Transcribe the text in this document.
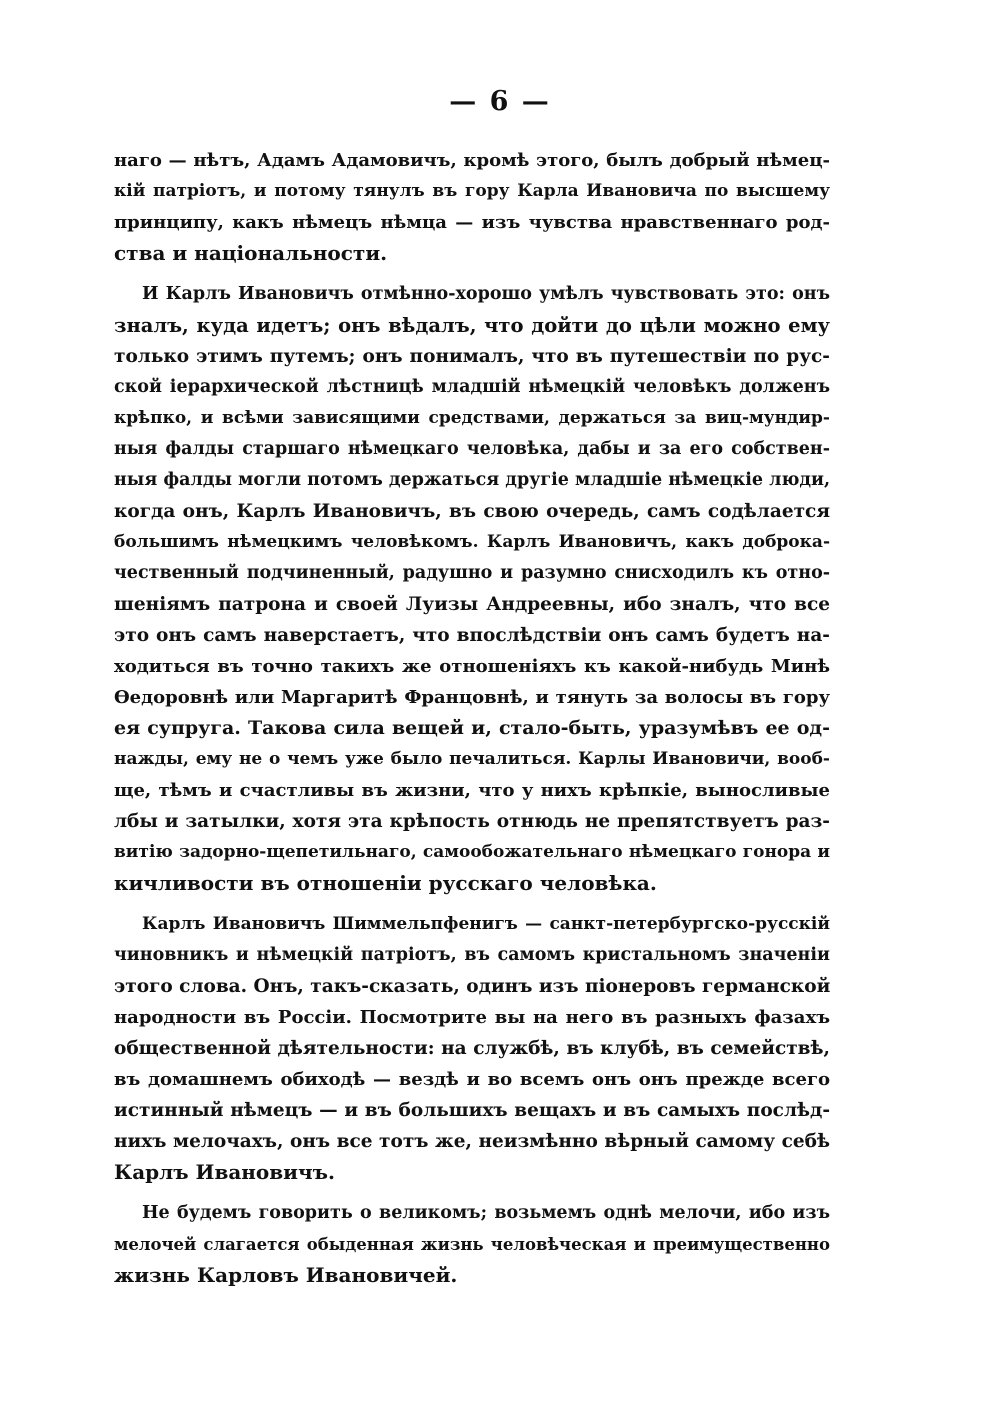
— 6 —
наго — нѣтъ, Адамъ Адамовичъ, кромѣ этого, былъ добрый нѣмец-
кій патріотъ, и потому тянулъ въ гору Карла Ивановича по высшему
принципу, какъ нѣмецъ нѣмца — изъ чувства нравственнаго род-
ства и національности.
И Карлъ Ивановичъ отмѣнно-хорошо умѣлъ чувствовать это: онъ
зналъ, куда идетъ; онъ вѣдалъ, что дойти до цѣли можно ему
только этимъ путемъ; онъ понималъ, что въ путешествіи по рус-
ской іерархической лѣстницѣ младшій нѣмецкій человѣкъ долженъ
крѣпко, и всѣми зависящими средствами, держаться за виц-мундир-
ныя фалды старшаго нѣмецкаго человѣка, дабы и за его собствен-
ныя фалды могли потомъ держаться другіе младшіе нѣмецкіе люди,
когда онъ, Карлъ Ивановичъ, въ свою очередь, самъ содѣлается
большимъ нѣмецкимъ человѣкомъ. Карлъ Ивановичъ, какъ доброка-
чественный подчиненный, радушно и разумно снисходилъ къ отно-
шеніямъ патрона и своей Луизы Андреевны, ибо зналъ, что все
это онъ самъ наверстаетъ, что впослѣдствіи онъ самъ будетъ на-
ходиться въ точно такихъ же отношеніяхъ къ какой-нибудь Минѣ
Ѳедоровнѣ или Маргаритѣ Францовнѣ, и тянуть за волосы въ гору
ея супруга. Такова сила вещей и, стало-быть, уразумѣвъ ее од-
нажды, ему не о чемъ уже было печалиться. Карлы Ивановичи, вооб-
ще, тѣмъ и счастливы въ жизни, что у нихъ крѣпкіе, выносливые
лбы и затылки, хотя эта крѣпость отнюдь не препятствуетъ раз-
витію задорно-щепетильнаго, самообожательнаго нѣмецкаго гонора и
кичливости въ отношеніи русскаго человѣка.
Карлъ Ивановичъ Шиммельпфенигъ — санкт-петербургско-русскій
чиновникъ и нѣмецкій патріотъ, въ самомъ кристальномъ значеніи
этого слова. Онъ, такъ-сказать, одинъ изъ піонеровъ германской
народности въ Россіи. Посмотрите вы на него въ разныхъ фазахъ
общественной дѣятельности: на службѣ, въ клубѣ, въ семействѣ,
въ домашнемъ обиходѣ — вездѣ и во всемъ онъ онъ прежде всего
истинный нѣмецъ — и въ большихъ вещахъ и въ самыхъ послѣд-
нихъ мелочахъ, онъ все тотъ же, неизмѣнно вѣрный самому себѣ
Карлъ Ивановичъ.
Не будемъ говорить о великомъ; возьмемъ однѣ мелочи, ибо изъ
мелочей слагается обыденная жизнь человѣческая и преимущественно
жизнь Карловъ Ивановичей.
